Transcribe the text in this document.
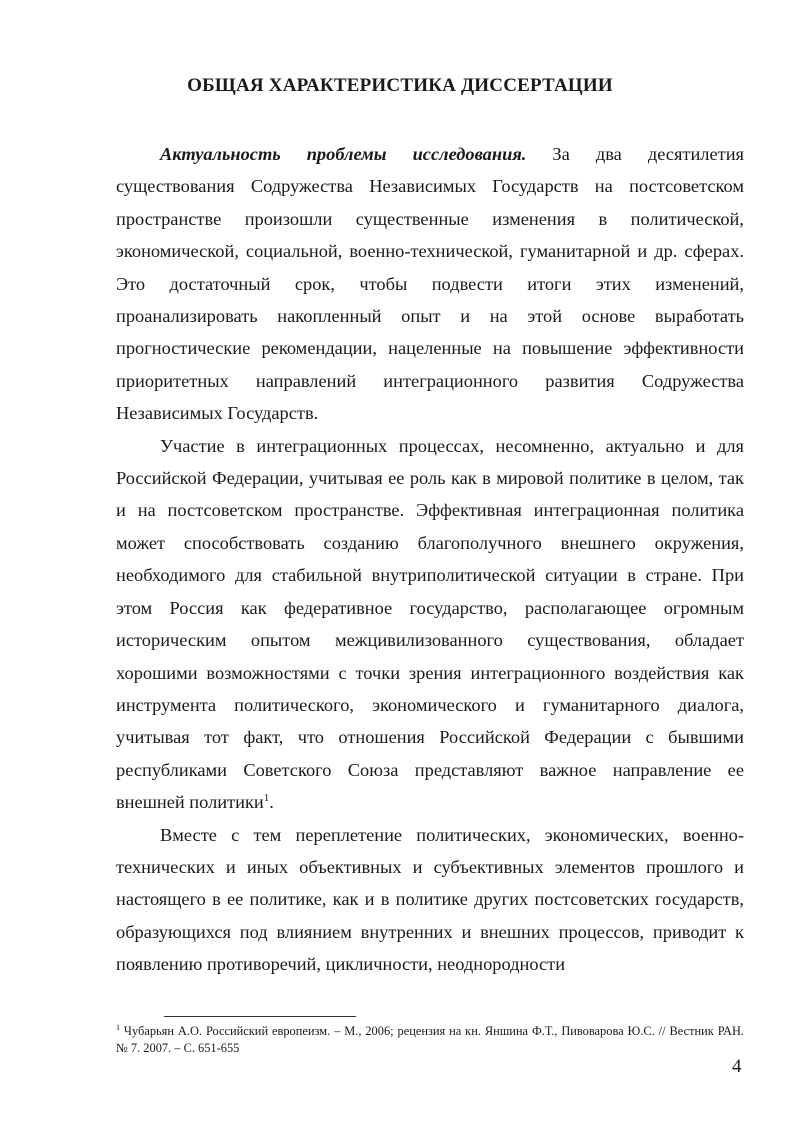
ОБЩАЯ ХАРАКТЕРИСТИКА ДИССЕРТАЦИИ

Актуальность проблемы исследования. За два десятилетия существования Содружества Независимых Государств на постсоветском пространстве произошли существенные изменения в политической, экономической, социальной, военно-технической, гуманитарной и др. сферах. Это достаточный срок, чтобы подвести итоги этих изменений, проанализировать накопленный опыт и на этой основе выработать прогностические рекомендации, нацеленные на повышение эффективности приоритетных направлений интеграционного развития Содружества Независимых Государств.

Участие в интеграционных процессах, несомненно, актуально и для Российской Федерации, учитывая ее роль как в мировой политике в целом, так и на постсоветском пространстве. Эффективная интеграционная политика может способствовать созданию благополучного внешнего окружения, необходимого для стабильной внутриполитической ситуации в стране. При этом Россия как федеративное государство, располагающее огромным историческим опытом межцивилизованного существования, обладает хорошими возможностями с точки зрения интеграционного воздействия как инструмента политического, экономического и гуманитарного диалога, учитывая тот факт, что отношения Российской Федерации с бывшими республиками Советского Союза представляют важное направление ее внешней политики$^1$.

Вместе с тем переплетение политических, экономических, военно-технических и иных объективных и субъективных элементов прошлого и настоящего в ее политике, как и в политике других постсоветских государств, образующихся под влиянием внутренних и внешних процессов, приводит к появлению противоречий, цикличности, неоднородности

$^1$ Чубарьян А.О. Российский европеизм. – М., 2006; рецензия на кн. Яншина Ф.Т., Пивоварова Ю.С. // Вестник РАН. № 7. 2007. – С. 651-655
4
